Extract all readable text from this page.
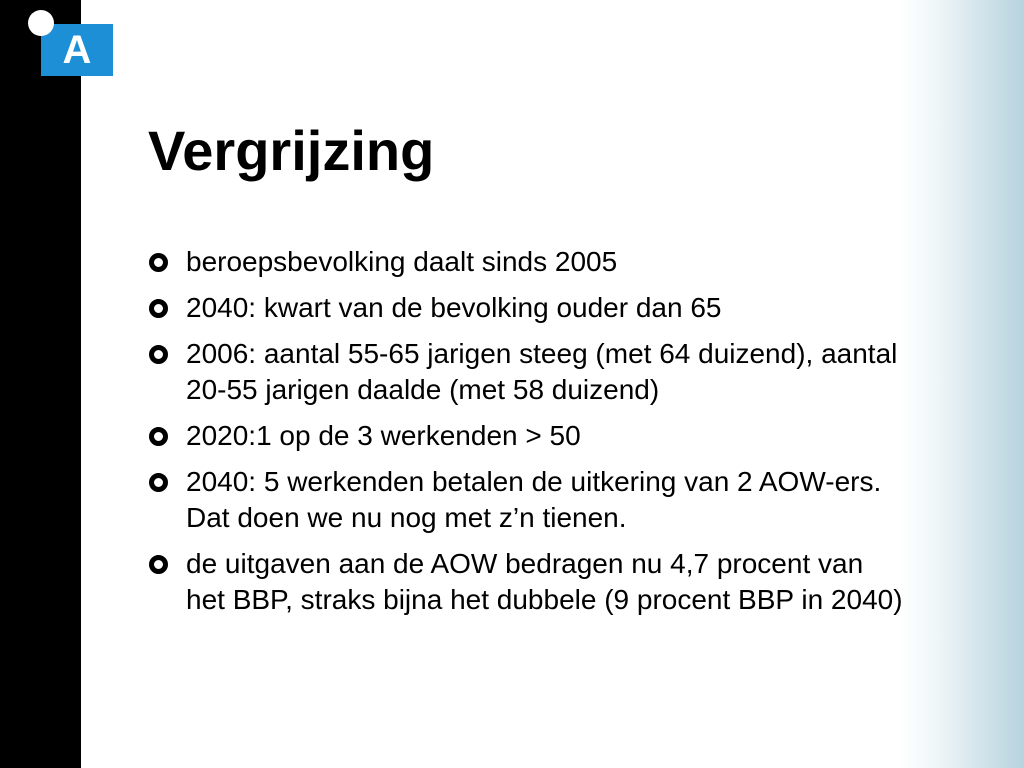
A
Vergrijzing
beroepsbevolking daalt sinds 2005
2040: kwart van de bevolking ouder dan 65
2006: aantal 55-65 jarigen steeg (met 64 duizend), aantal 20-55 jarigen daalde (met 58 duizend)
2020:1 op de 3 werkenden > 50
2040: 5 werkenden betalen de uitkering van 2 AOW-ers. Dat doen we nu nog met z’n tienen.
de uitgaven aan de AOW bedragen nu 4,7 procent van het BBP, straks bijna het dubbele (9 procent BBP in 2040)
